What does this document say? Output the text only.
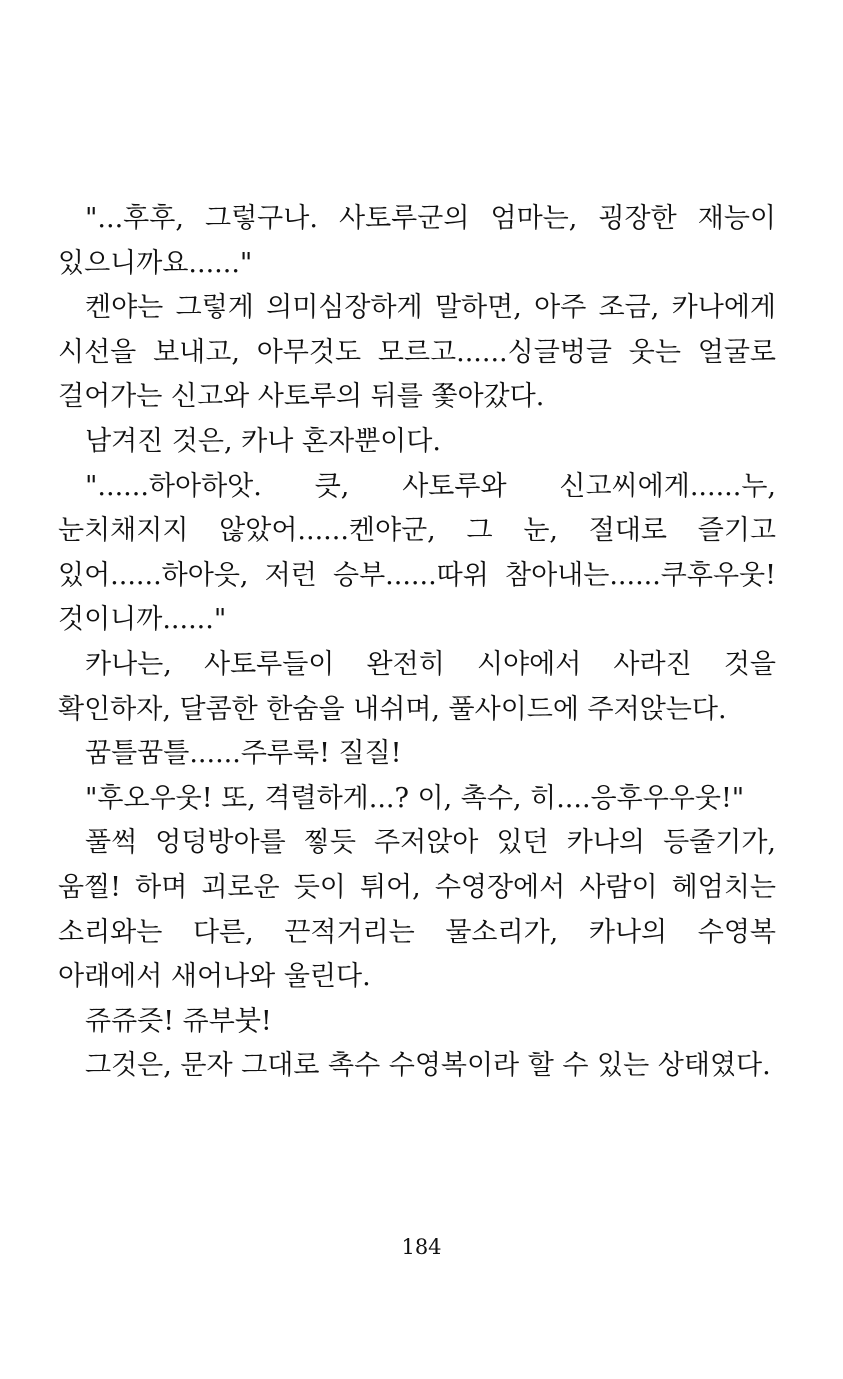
"...후후, 그렇구나. 사토루군의 엄마는, 굉장한 재능이 있으니까요......"

켄야는 그렇게 의미심장하게 말하면, 아주 조금, 카나에게 시선을 보내고, 아무것도 모르고......싱글벙글 웃는 얼굴로 걸어가는 신고와 사토루의 뒤를 쫓아갔다.

남겨진 것은, 카나 혼자뿐이다.

"......하아하앗. 큿, 사토루와 신고씨에게......누, 눈치채지지 않았어......켄야군, 그 눈, 절대로 즐기고 있어......하아읏, 저런 승부......따위 참아내는......쿠후우웃! 것이니까......"

카나는, 사토루들이 완전히 시야에서 사라진 것을 확인하자, 달콤한 한숨을 내쉬며, 풀사이드에 주저앉는다.

꿈틀꿈틀......주루룩! 질질!

"후오우웃! 또, 격렬하게...? 이, 촉수, 히....응후우우웃!"

풀썩 엉덩방아를 찧듯 주저앉아 있던 카나의 등줄기가, 움찔! 하며 괴로운 듯이 튀어, 수영장에서 사람이 헤엄치는 소리와는 다른, 끈적거리는 물소리가, 카나의 수영복 아래에서 새어나와 울린다.

쥬쥬즛! 쥬부붓!

그것은, 문자 그대로 촉수 수영복이라 할 수 있는 상태였다.

184
